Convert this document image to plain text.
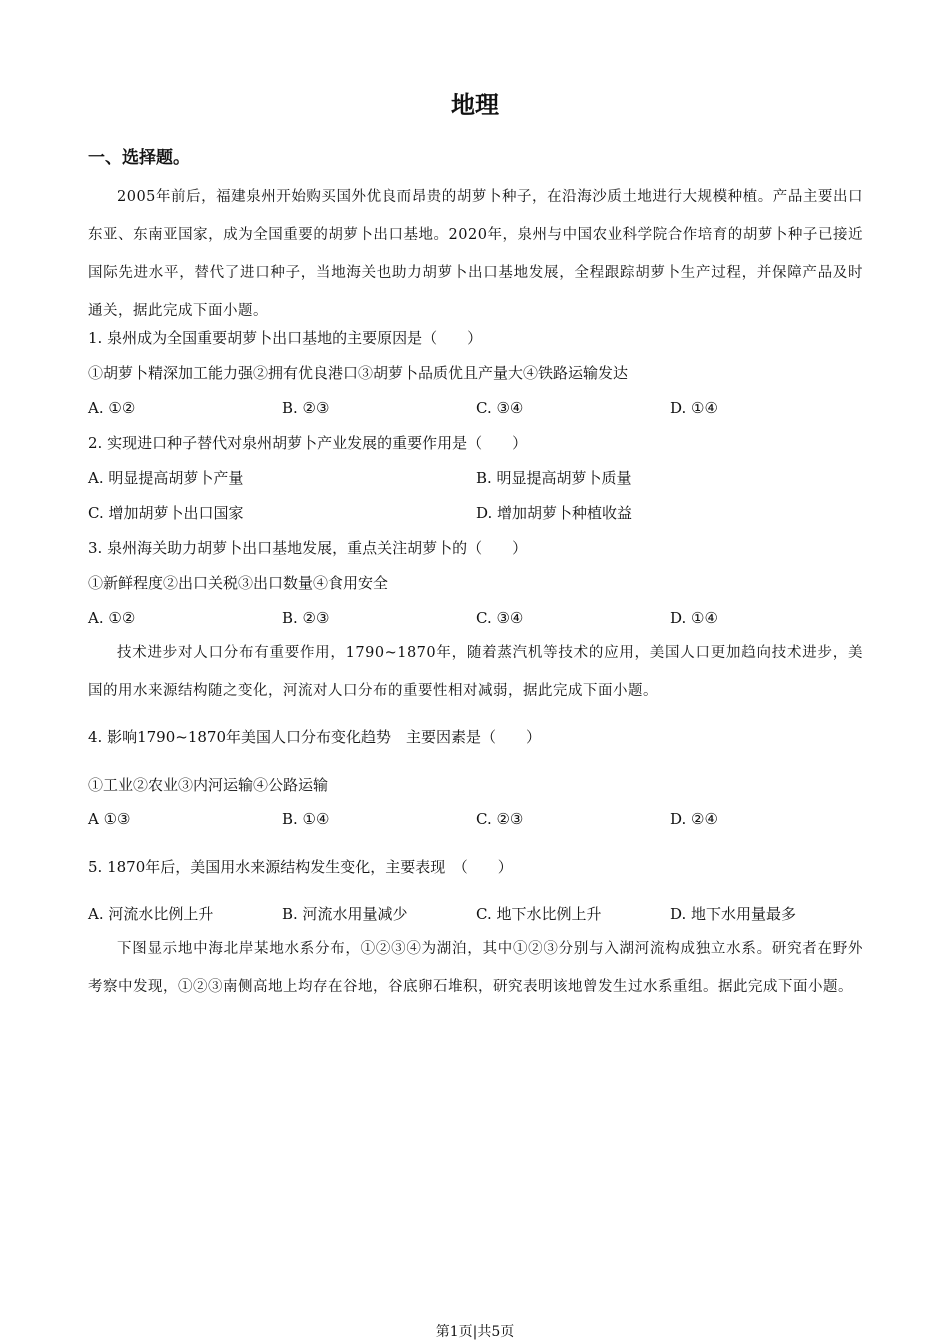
地理
一、选择题。
2005年前后，福建泉州开始购买国外优良而昂贵的胡萝卜种子，在沿海沙质土地进行大规模种植。产品主要出口东亚、东南亚国家，成为全国重要的胡萝卜出口基地。2020年，泉州与中国农业科学院合作培育的胡萝卜种子已接近国际先进水平，替代了进口种子，当地海关也助力胡萝卜出口基地发展，全程跟踪胡萝卜生产过程，并保障产品及时通关，据此完成下面小题。
1. 泉州成为全国重要胡萝卜出口基地的主要原因是（　　）
①胡萝卜精深加工能力强②拥有优良港口③胡萝卜品质优且产量大④铁路运输发达
A. ①②	B. ②③	C. ③④	D. ①④
2. 实现进口种子替代对泉州胡萝卜产业发展的重要作用是（　　）
A. 明显提高胡萝卜产量	B. 明显提高胡萝卜质量
C. 增加胡萝卜出口国家	D. 增加胡萝卜种植收益
3. 泉州海关助力胡萝卜出口基地发展，重点关注胡萝卜的（　　）
①新鲜程度②出口关税③出口数量④食用安全
A. ①②	B. ②③	C. ③④	D. ①④
技术进步对人口分布有重要作用，1790~1870年，随着蒸汽机等技术的应用，美国人口更加趋向技术进步，美国的用水来源结构随之变化，河流对人口分布的重要性相对减弱，据此完成下面小题。
4. 影响1790~1870年美国人口分布变化趋势　主要因素是（　　）
①工业②农业③内河运输④公路运输
A ①③	B. ①④	C. ②③	D. ②④
5. 1870年后，美国用水来源结构发生变化，主要表现　（　　）
A. 河流水比例上升	B. 河流水用量减少	C. 地下水比例上升	D. 地下水用量最多
下图显示地中海北岸某地水系分布，①②③④为湖泊，其中①②③分别与入湖河流构成独立水系。研究者在野外考察中发现，①②③南侧高地上均存在谷地，谷底卵石堆积，研究表明该地曾发生过水系重组。据此完成下面小题。
第1页|共5页
